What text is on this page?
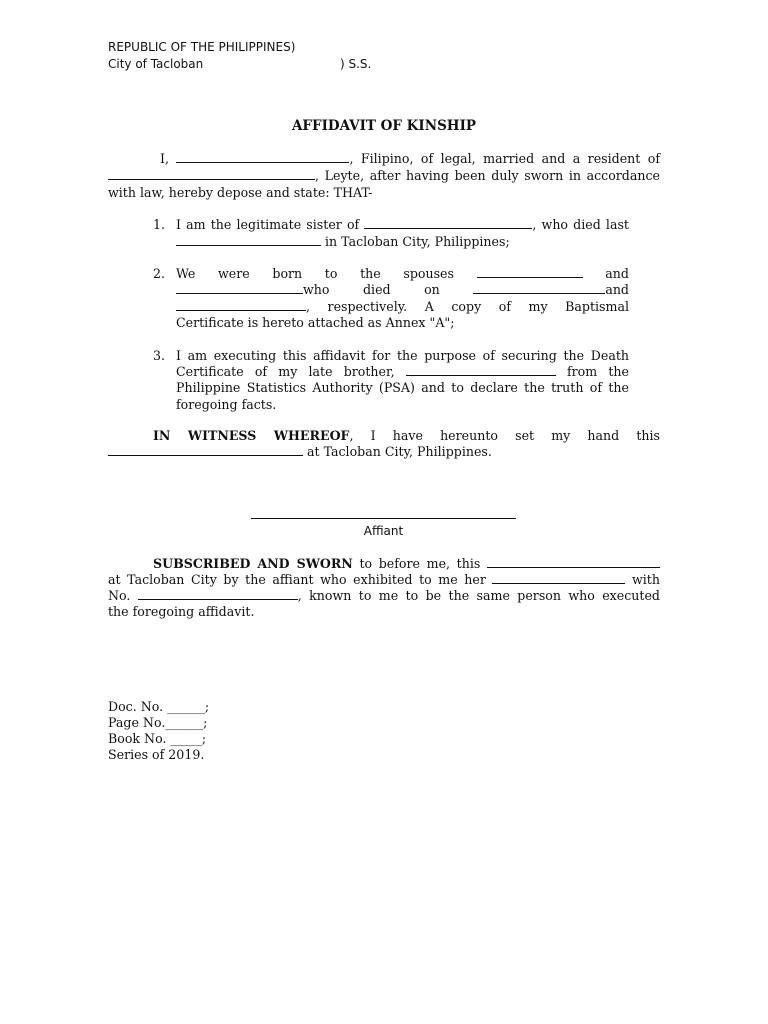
REPUBLIC OF THE PHILIPPINES)
City of Tacloban	) S.S.
AFFIDAVIT OF KINSHIP
I,	, Filipino, of legal, married and a resident of
, Leyte, after having been duly sworn in accordance
with law, hereby depose and state: THAT-
1. I am the legitimate sister of	, who died last
in Tacloban City, Philippines;
2. We were born to the spouses	and
who died on	and
, respectively. A copy of my Baptismal
Certificate is hereto attached as Annex "A";
3. I am executing this affidavit for the purpose of securing the Death
Certificate of my late brother,	from the
Philippine Statistics Authority (PSA) and to declare the truth of the
foregoing facts.
IN WITNESS WHEREOF, I have hereunto set my hand this
at Tacloban City, Philippines.
Affiant
SUBSCRIBED AND SWORN to before me, this
at Tacloban City by the affiant who exhibited to me her	with
No.	, known to me to be the same person who executed
the foregoing affidavit.
Doc. No. ______;
Page No.______;
Book No. _____;
Series of 2019.
